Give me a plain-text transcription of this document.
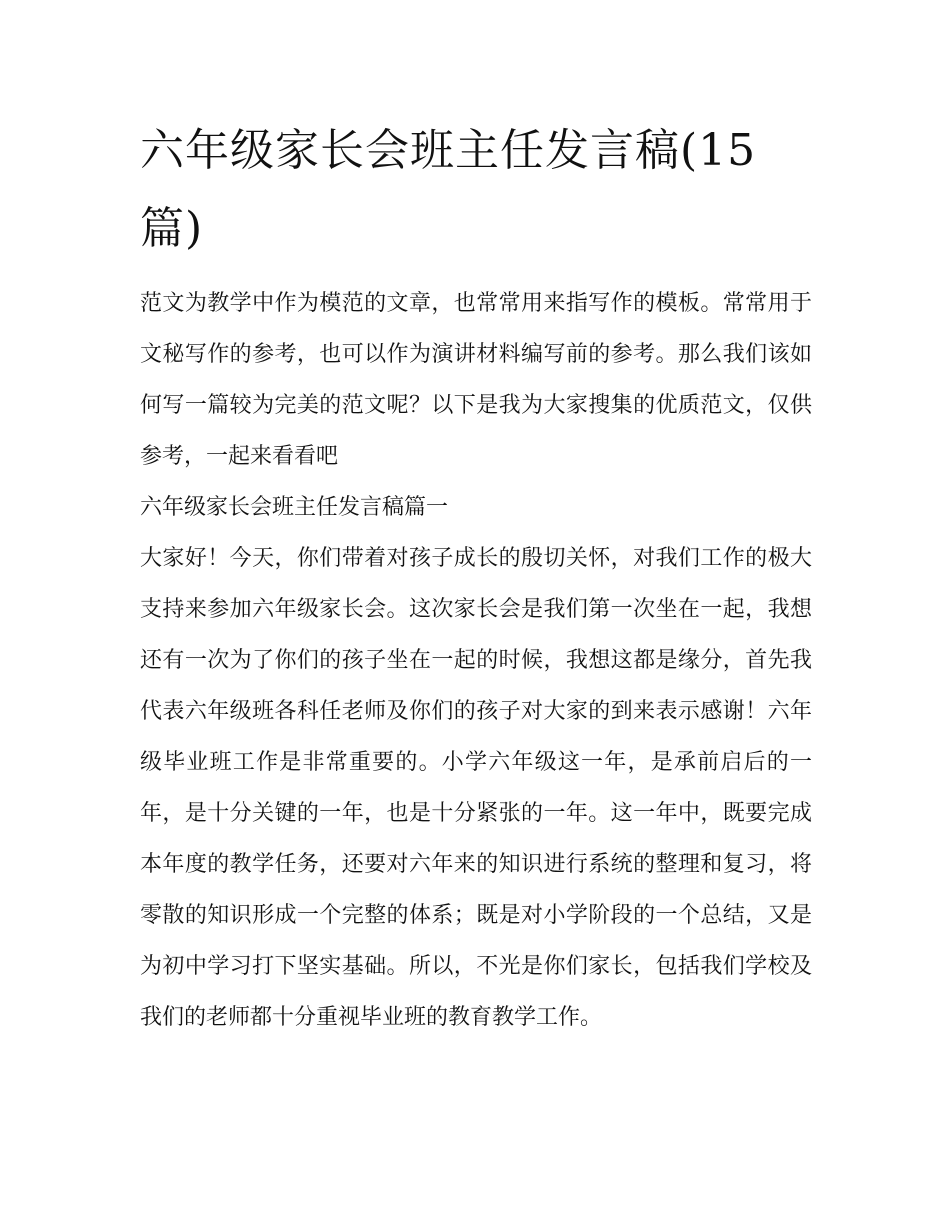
六年级家长会班主任发言稿(15篇)

范文为教学中作为模范的文章，也常常用来指写作的模板。常常用于文秘写作的参考，也可以作为演讲材料编写前的参考。那么我们该如何写一篇较为完美的范文呢？以下是我为大家搜集的优质范文，仅供参考，一起来看看吧

六年级家长会班主任发言稿篇一

大家好！今天，你们带着对孩子成长的殷切关怀，对我们工作的极大支持来参加六年级家长会。这次家长会是我们第一次坐在一起，我想还有一次为了你们的孩子坐在一起的时候，我想这都是缘分，首先我代表六年级班各科任老师及你们的孩子对大家的到来表示感谢！六年级毕业班工作是非常重要的。小学六年级这一年，是承前启后的一年，是十分关键的一年，也是十分紧张的一年。这一年中，既要完成本年度的教学任务，还要对六年来的知识进行系统的整理和复习，将零散的知识形成一个完整的体系；既是对小学阶段的一个总结，又是为初中学习打下坚实基础。所以，不光是你们家长，包括我们学校及我们的老师都十分重视毕业班的教育教学工作。
